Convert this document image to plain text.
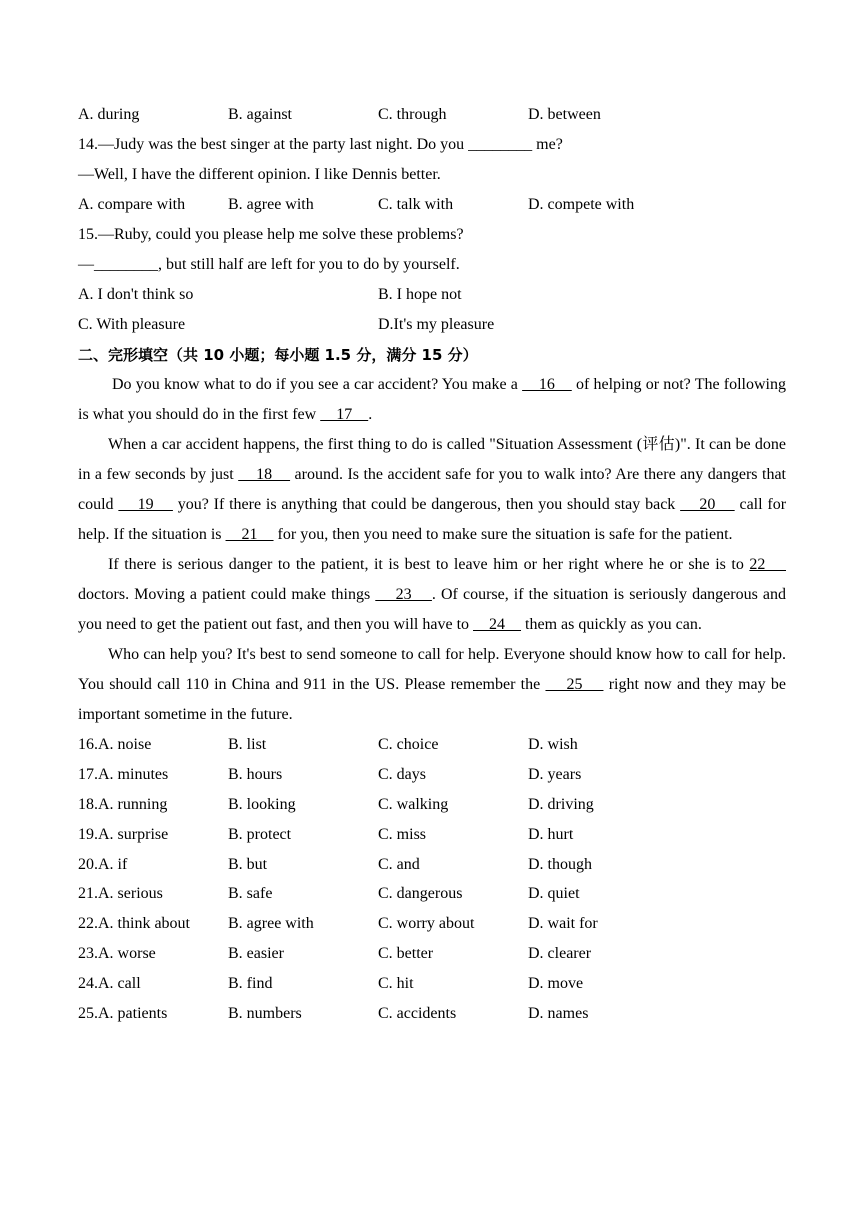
A. during	B. against	C. through	D. between
14.—Judy was the best singer at the party last night. Do you ________ me?
—Well, I have the different opinion. I like Dennis better.
A. compare with	B. agree with	C. talk with	D. compete with
15.—Ruby, could you please help me solve these problems?
—________, but still half are left for you to do by yourself.
A. I don't think so	B. I hope not
C. With pleasure	D.It's my pleasure
二、完形填空（共 10 小题；每小题 1.5 分，满分 15 分）
Do you know what to do if you see a car accident? You make a     16     of helping or not? The following is what you should do in the first few     17    .
When a car accident happens, the first thing to do is called "Situation Assessment (评估)". It can be done in a few seconds by just     18     around. Is the accident safe for you to walk into? Are there any dangers that could     19     you? If there is anything that could be dangerous, then you should stay back     20     call for help. If the situation is     21     for you, then you need to make sure the situation is safe for the patient.
If there is serious danger to the patient, it is best to leave him or her right where he or she is to 22     doctors. Moving a patient could make things     23    . Of course, if the situation is seriously dangerous and you need to get the patient out fast, and then you will have to     24     them as quickly as you can.
Who can help you? It's best to send someone to call for help. Everyone should know how to call for help. You should call 110 in China and 911 in the US. Please remember the     25     right now and they may be important sometime in the future.
16.A. noise	B. list	C. choice	D. wish
17.A. minutes	B. hours	C. days	D. years
18.A. running	B. looking	C. walking	D. driving
19.A. surprise	B. protect	C. miss	D. hurt
20.A. if	B. but	C. and	D. though
21.A. serious	B. safe	C. dangerous	D. quiet
22.A. think about	B. agree with	C. worry about	D. wait for
23.A. worse	B. easier	C. better	D. clearer
24.A. call	B. find	C. hit	D. move
25.A. patients	B. numbers	C. accidents	D. names
